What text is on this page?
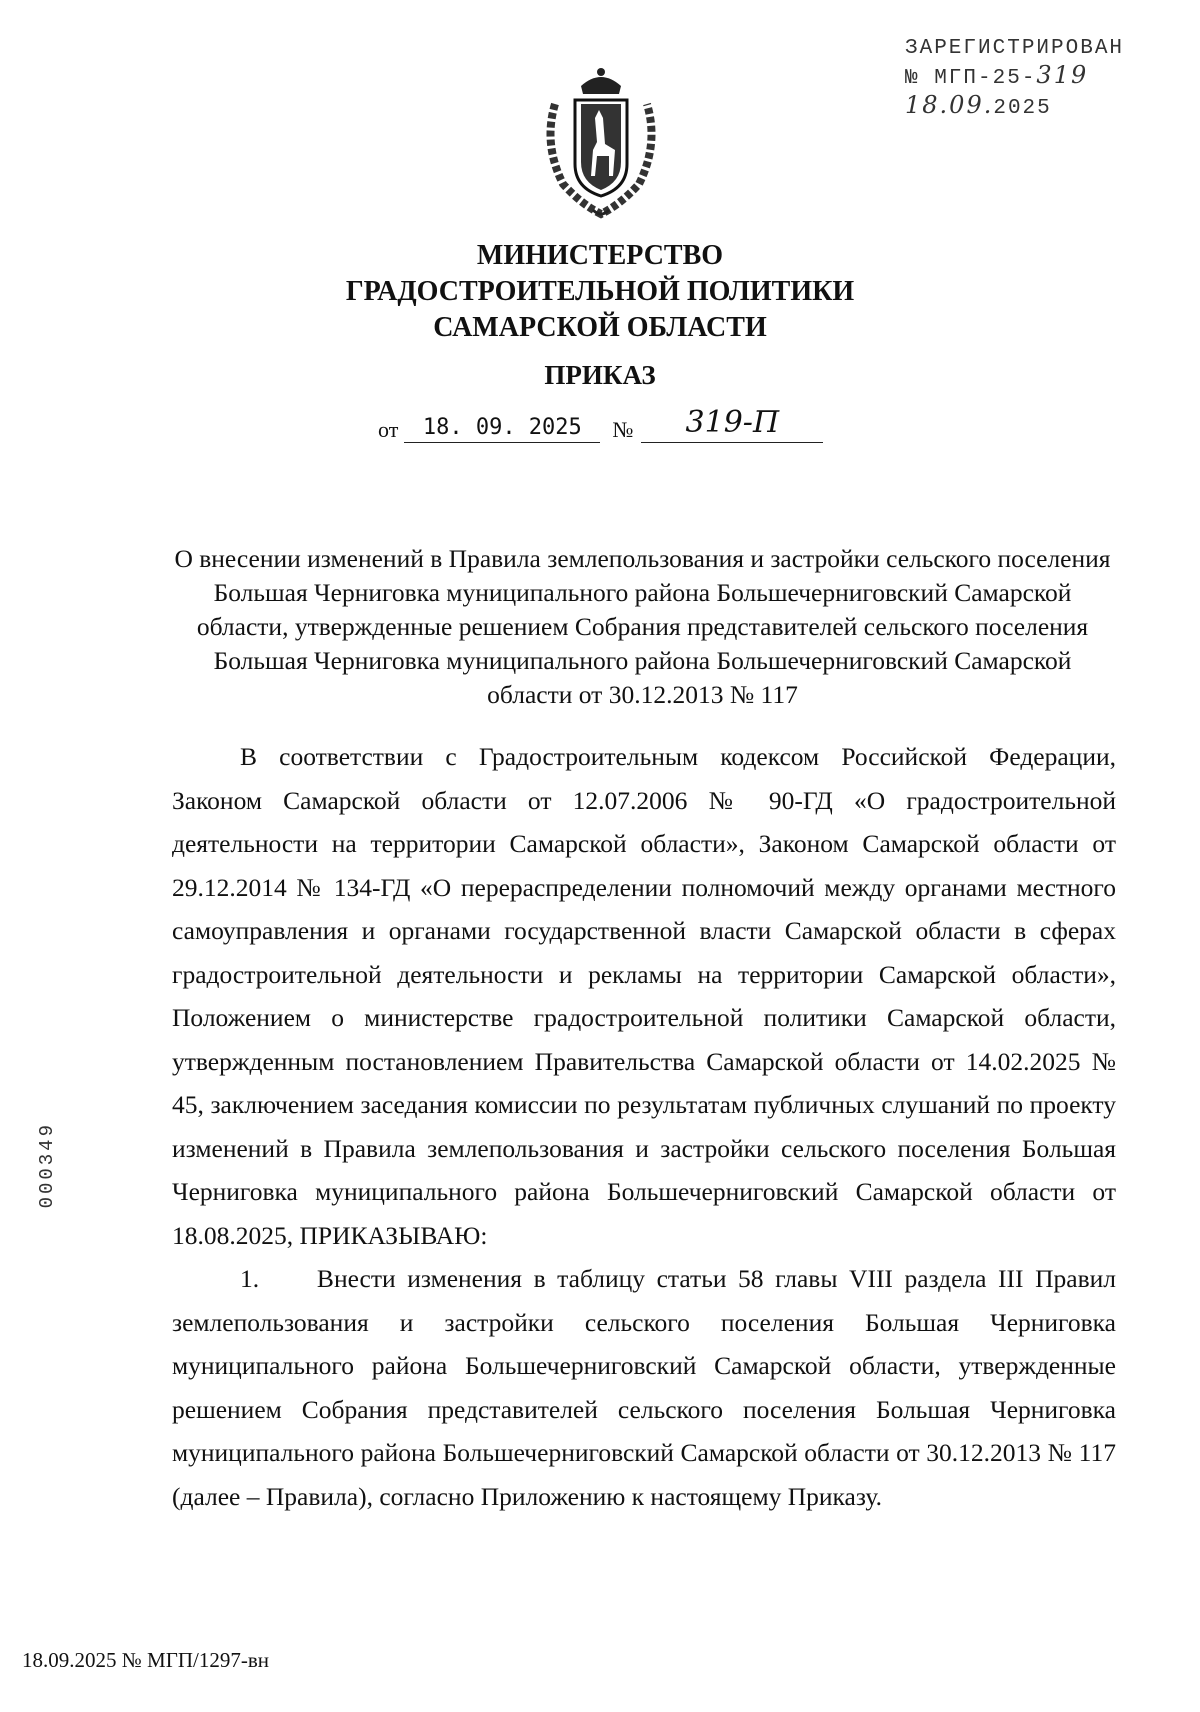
ЗАРЕГИСТРИРОВАН
№ МГП-25-319
18.09.2025
МИНИСТЕРСТВО
ГРАДОСТРОИТЕЛЬНОЙ ПОЛИТИКИ
САМАРСКОЙ ОБЛАСТИ
ПРИКАЗ
от	18. 09. 2025	№	319-П
О внесении изменений в Правила землепользования и застройки сельского поселения Большая Черниговка муниципального района Большечерниговский Самарской области, утвержденные решением Собрания представителей сельского поселения Большая Черниговка муниципального района Большечерниговский Самарской области от 30.12.2013 № 117

В соответствии с Градостроительным кодексом Российской Федерации, Законом Самарской области от 12.07.2006 № 90-ГД «О градостроительной деятельности на территории Самарской области», Законом Самарской области от 29.12.2014 № 134-ГД «О перераспределении полномочий между органами местного самоуправления и органами государственной власти Самарской области в сферах градостроительной деятельности и рекламы на территории Самарской области», Положением о министерстве градостроительной политики Самарской области, утвержденным постановлением Правительства Самарской области от 14.02.2025 № 45, заключением заседания комиссии по результатам публичных слушаний по проекту изменений в Правила землепользования и застройки сельского поселения Большая Черниговка муниципального района Большечерниговский Самарской области от 18.08.2025, ПРИКАЗЫВАЮ:

1.     Внести изменения в таблицу статьи 58 главы VIII раздела III Правил землепользования и застройки сельского поселения Большая Черниговка муниципального района Большечерниговский Самарской области, утвержденные решением Собрания представителей сельского поселения Большая Черниговка муниципального района Большечерниговский Самарской области от 30.12.2013 № 117 (далее – Правила), согласно Приложению к настоящему Приказу.

000349
18.09.2025 № МГП/1297-вн
